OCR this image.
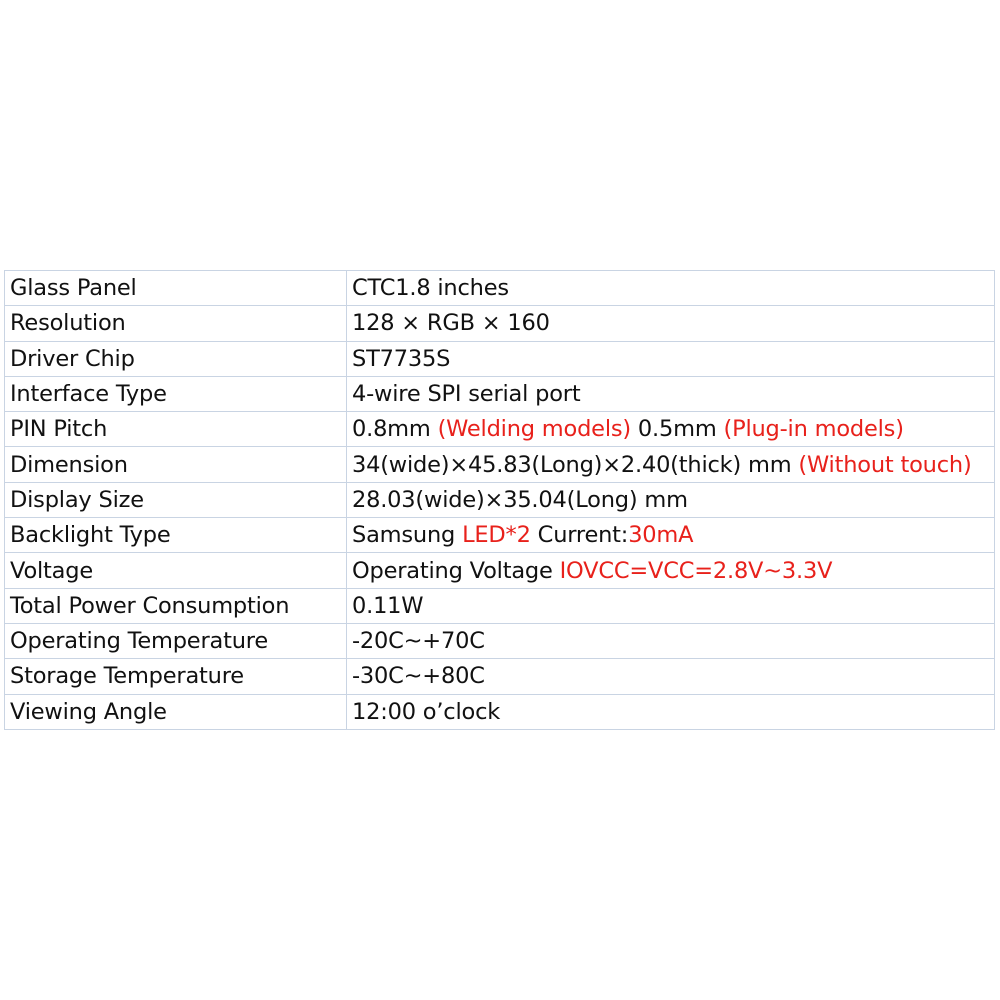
Glass Panel	CTC1.8 inches
Resolution	128 × RGB × 160
Driver Chip	ST7735S
Interface Type	4-wire SPI serial port
PIN Pitch	0.8mm (Welding models) 0.5mm (Plug-in models)
Dimension	34(wide)×45.83(Long)×2.40(thick) mm (Without touch)
Display Size	28.03(wide)×35.04(Long) mm
Backlight Type	Samsung LED*2 Current:30mA
Voltage	Operating Voltage IOVCC=VCC=2.8V~3.3V
Total Power Consumption	0.11W
Operating Temperature	-20C~+70C
Storage Temperature	-30C~+80C
Viewing Angle	12:00 o’clock
